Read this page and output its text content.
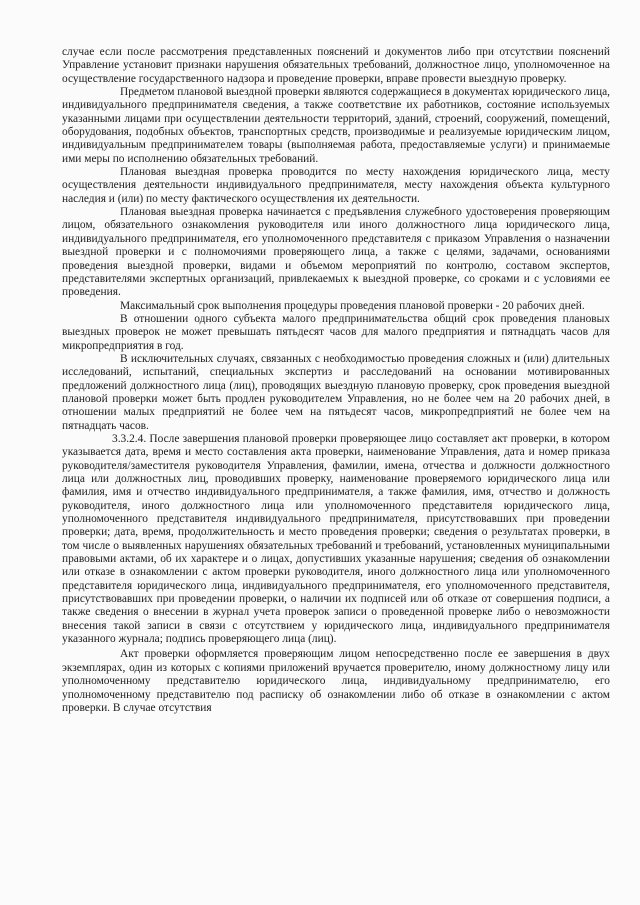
случае если после рассмотрения представленных пояснений и документов либо при отсутствии пояснений Управление установит признаки нарушения обязательных требований, должностное лицо, уполномоченное на осуществление государственного надзора и проведение проверки, вправе провести выездную проверку.

Предметом плановой выездной проверки являются содержащиеся в документах юридического лица, индивидуального предпринимателя сведения, а также соответствие их работников, состояние используемых указанными лицами при осуществлении деятельности территорий, зданий, строений, сооружений, помещений, оборудования, подобных объектов, транспортных средств, производимые и реализуемые юридическим лицом, индивидуальным предпринимателем товары (выполняемая работа, предоставляемые услуги) и принимаемые ими меры по исполнению обязательных требований.

Плановая выездная проверка проводится по месту нахождения юридического лица, месту осуществления деятельности индивидуального предпринимателя, месту нахождения объекта культурного наследия и (или) по месту фактического осуществления их деятельности.

Плановая выездная проверка начинается с предъявления служебного удостоверения проверяющим лицом, обязательного ознакомления руководителя или иного должностного лица юридического лица, индивидуального предпринимателя, его уполномоченного представителя с приказом Управления о назначении выездной проверки и с полномочиями проверяющего лица, а также с целями, задачами, основаниями проведения выездной проверки, видами и объемом мероприятий по контролю, составом экспертов, представителями экспертных организаций, привлекаемых к выездной проверке, со сроками и с условиями ее проведения.

Максимальный срок выполнения процедуры проведения плановой проверки - 20 рабочих дней.

В отношении одного субъекта малого предпринимательства общий срок проведения плановых выездных проверок не может превышать пятьдесят часов для малого предприятия и пятнадцать часов для микропредприятия в год.

В исключительных случаях, связанных с необходимостью проведения сложных и (или) длительных исследований, испытаний, специальных экспертиз и расследований на основании мотивированных предложений должностного лица (лиц), проводящих выездную плановую проверку, срок проведения выездной плановой проверки может быть продлен руководителем Управления, но не более чем на 20 рабочих дней, в отношении малых предприятий не более чем на пятьдесят часов, микропредприятий не более чем на пятнадцать часов.

3.3.2.4. После завершения плановой проверки проверяющее лицо составляет акт проверки, в котором указывается дата, время и место составления акта проверки, наименование Управления, дата и номер приказа руководителя/заместителя руководителя Управления, фамилии, имена, отчества и должности должностного лица или должностных лиц, проводивших проверку, наименование проверяемого юридического лица или фамилия, имя и отчество индивидуального предпринимателя, а также фамилия, имя, отчество и должность руководителя, иного должностного лица или уполномоченного представителя юридического лица, уполномоченного представителя индивидуального предпринимателя, присутствовавших при проведении проверки; дата, время, продолжительность и место проведения проверки; сведения о результатах проверки, в том числе о выявленных нарушениях обязательных требований и требований, установленных муниципальными правовыми актами, об их характере и о лицах, допустивших указанные нарушения; сведения об ознакомлении или отказе в ознакомлении с актом проверки руководителя, иного должностного лица или уполномоченного представителя юридического лица, индивидуального предпринимателя, его уполномоченного представителя, присутствовавших при проведении проверки, о наличии их подписей или об отказе от совершения подписи, а также сведения о внесении в журнал учета проверок записи о проведенной проверке либо о невозможности внесения такой записи в связи с отсутствием у юридического лица, индивидуального предпринимателя указанного журнала; подпись проверяющего лица (лиц).

Акт проверки оформляется проверяющим лицом непосредственно после ее завершения в двух экземплярах, один из которых с копиями приложений вручается проверителю, иному должностному лицу или уполномоченному представителю юридического лица, индивидуальному предпринимателю, его уполномоченному представителю под расписку об ознакомлении либо об отказе в ознакомлении с актом проверки. В случае отсутствия
